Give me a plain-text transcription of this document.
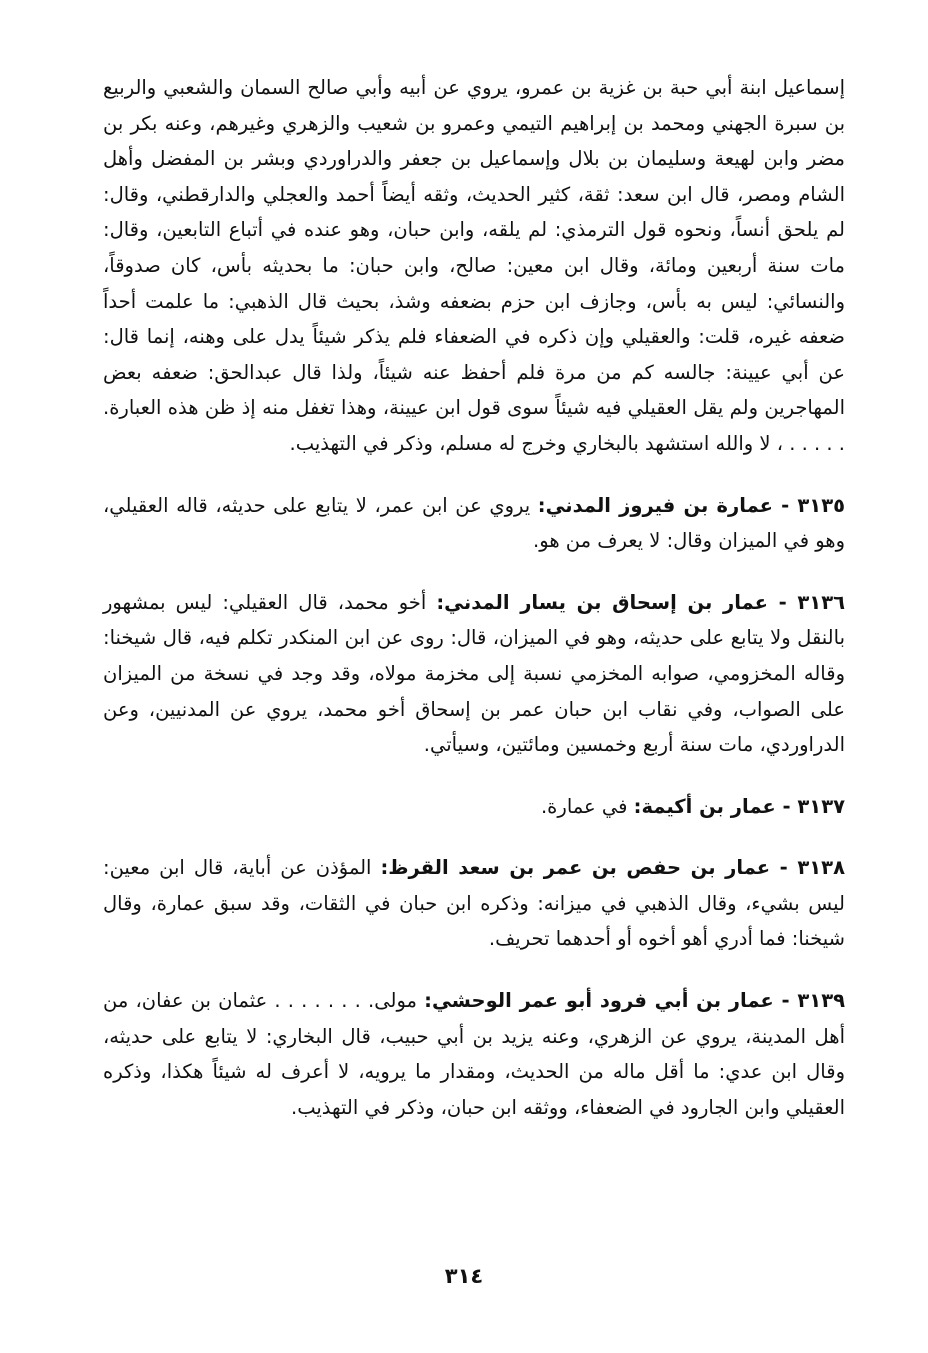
إسماعيل ابنة أبي حبة بن غزية بن عمرو، يروي عن أبيه وأبي صالح السمان والشعبي والربيع بن سبرة الجهني ومحمد بن إبراهيم التيمي وعمرو بن شعيب والزهري وغيرهم، وعنه بكر بن مضر وابن لهيعة وسليمان بن بلال وإسماعيل بن جعفر والدراوردي وبشر بن المفضل وأهل الشام ومصر، قال ابن سعد: ثقة، كثير الحديث، وثقه أيضاً أحمد والعجلي والدارقطني، وقال: لم يلحق أنساً، ونحوه قول الترمذي: لم يلقه، وابن حبان، وهو عنده في أتباع التابعين، وقال: مات سنة أربعين ومائة، وقال ابن معين: صالح، وابن حبان: ما بحديثه بأس، كان صدوقاً، والنسائي: ليس به بأس، وجازف ابن حزم بضعفه وشذ، بحيث قال الذهبي: ما علمت أحداً ضعفه غيره، قلت: والعقيلي وإن ذكره في الضعفاء فلم يذكر شيئاً يدل على وهنه، إنما قال: عن أبي عيينة: جالسه كم من مرة فلم أحفظ عنه شيئاً، ولذا قال عبدالحق: ضعفه بعض المهاجرين ولم يقل العقيلي فيه شيئاً سوى قول ابن عيينة، وهذا تغفل منه إذ ظن هذه العبارة. . . . . . ، لا والله استشهد بالبخاري وخرج له مسلم، وذكر في التهذيب.

٣١٣٥ - عمارة بن فيروز المدني: يروي عن ابن عمر، لا يتابع على حديثه، قاله العقيلي، وهو في الميزان وقال: لا يعرف من هو.

٣١٣٦ - عمار بن إسحاق بن يسار المدني: أخو محمد، قال العقيلي: ليس بمشهور بالنقل ولا يتابع على حديثه، وهو في الميزان، قال: روى عن ابن المنكدر تكلم فيه، قال شيخنا: وقاله المخزومي، صوابه المخزمي نسبة إلى مخزمة مولاه، وقد وجد في نسخة من الميزان على الصواب، وفي نقاب ابن حبان عمر بن إسحاق أخو محمد، يروي عن المدنيين، وعن الدراوردي، مات سنة أربع وخمسين ومائتين، وسيأتي.

٣١٣٧ - عمار بن أكيمة: في عمارة.

٣١٣٨ - عمار بن حفص بن عمر بن سعد القرظ: المؤذن عن أباية، قال ابن معين: ليس بشيء، وقال الذهبي في ميزانه: وذكره ابن حبان في الثقات، وقد سبق عمارة، وقال شيخنا: فما أدري أهو أخوه أو أحدهما تحريف.

٣١٣٩ - عمار بن أبي فرود أبو عمر الوحشي: مولى. . . . . . . . عثمان بن عفان، من أهل المدينة، يروي عن الزهري، وعنه يزيد بن أبي حبيب، قال البخاري: لا يتابع على حديثه، وقال ابن عدي: ما أقل ماله من الحديث، ومقدار ما يرويه، لا أعرف له شيئاً هكذا، وذكره العقيلي وابن الجارود في الضعفاء، ووثقه ابن حبان، وذكر في التهذيب.

٣١٤
